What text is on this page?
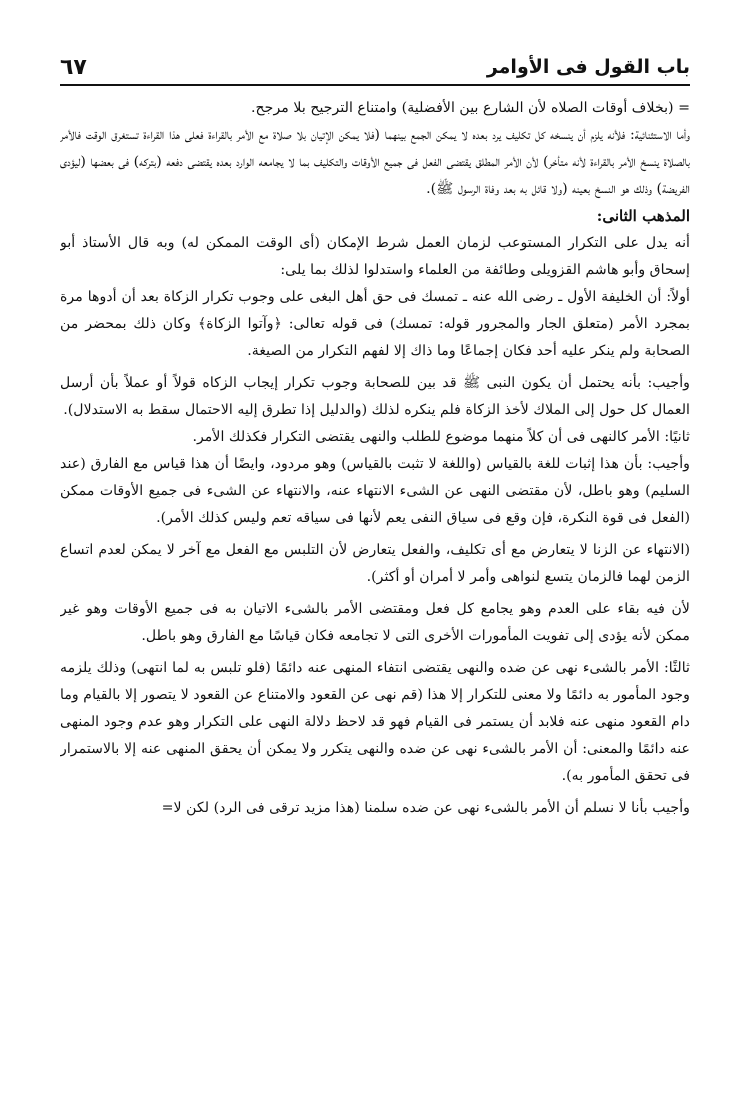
باب القول فى الأوامر
٦٧

= (بخلاف أوقات الصلاه لأن الشارع بين الأفضلية) وامتناع الترجيح بلا مرجح.

وأما الاستثنائية: فلأنه يلزم أن ينسخه كل تكليف يرد بعده لا يمكن الجمع بينهما (فلا يمكن الإتيان بلا صلاة مع الأمر بالقراءة فعلى هذا القراءة تستغرق الوقت فالأمر بالصلاة ينسخ الأمر بالقراءة لأنه متأخر) لأن الأمر المطلق يقتضى الفعل فى جميع الأوقات والتكليف بما لا يجامعه الوارد بعده يقتضى دفعه (بتركه) فى بعضها (ليؤدى الفريضة) وذلك هو النسخ بعينه (ولا قائل به بعد وفاة الرسول ﷺ).

المذهب الثانى:

أنه يدل على التكرار المستوعب لزمان العمل شرط الإمكان (أى الوقت الممكن له) وبه قال الأستاذ أبو إسحاق وأبو هاشم القزويلى وطائفة من العلماء واستدلوا لذلك بما يلى:

أولاً: أن الخليفة الأول ـ رضى الله عنه ـ تمسك فى حق أهل البغى على وجوب تكرار الزكاة بعد أن أدوها مرة بمجرد الأمر (متعلق الجار والمجرور قوله: تمسك) فى قوله تعالى: ﴿وآتوا الزكاة﴾ وكان ذلك بمحضر من الصحابة ولم ينكر عليه أحد فكان إجماعًا وما ذاك إلا لفهم التكرار من الصيغة.

وأجيب: بأنه يحتمل أن يكون النبى ﷺ قد بين للصحابة وجوب تكرار إيجاب الزكاه قولاً أو عملاً بأن أرسل العمال كل حول إلى الملاك لأخذ الزكاة فلم ينكره لذلك (والدليل إذا تطرق إليه الاحتمال سقط به الاستدلال).

ثانيًا: الأمر كالنهى فى أن كلاً منهما موضوع للطلب والنهى يقتضى التكرار فكذلك الأمر.

وأجيب: بأن هذا إثبات للغة بالقياس (واللغة لا تثبت بالقياس) وهو مردود، وايضًا أن هذا قياس مع الفارق (عند السليم) وهو باطل، لأن مقتضى النهى عن الشىء الانتهاء عنه، والانتهاء عن الشىء فى جميع الأوقات ممكن (الفعل فى قوة النكرة، فإن وقع فى سياق النفى يعم لأنها فى سياقه تعم وليس كذلك الأمر).

(الانتهاء عن الزنا لا يتعارض مع أى تكليف، والفعل يتعارض لأن التلبس مع الفعل مع آخر لا يمكن لعدم اتساع الزمن لهما فالزمان يتسع لنواهى وأمر لا أمران أو أكثر).

لأن فيه بقاء على العدم وهو يجامع كل فعل ومقتضى الأمر بالشىء الاتيان به فى جميع الأوقات وهو غير ممكن لأنه يؤدى إلى تفويت المأمورات الأخرى التى لا تجامعه فكان قياسًا مع الفارق وهو باطل.

ثالثًا: الأمر بالشىء نهى عن ضده والنهى يقتضى انتفاء المنهى عنه دائمًا (فلو تلبس به لما انتهى) وذلك يلزمه وجود المأمور به دائمًا ولا معنى للتكرار إلا هذا (قم نهى عن القعود والامتناع عن القعود لا يتصور إلا بالقيام وما دام القعود منهى عنه فلابد أن يستمر فى القيام فهو قد لاحظ دلالة النهى على التكرار وهو عدم وجود المنهى عنه دائمًا والمعنى: أن الأمر بالشىء نهى عن ضده والنهى يتكرر ولا يمكن أن يحقق المنهى عنه إلا بالاستمرار فى تحقق المأمور به).

وأجيب بأنا لا نسلم أن الأمر بالشىء نهى عن ضده سلمنا (هذا مزيد ترقى فى الرد) لكن لا=
